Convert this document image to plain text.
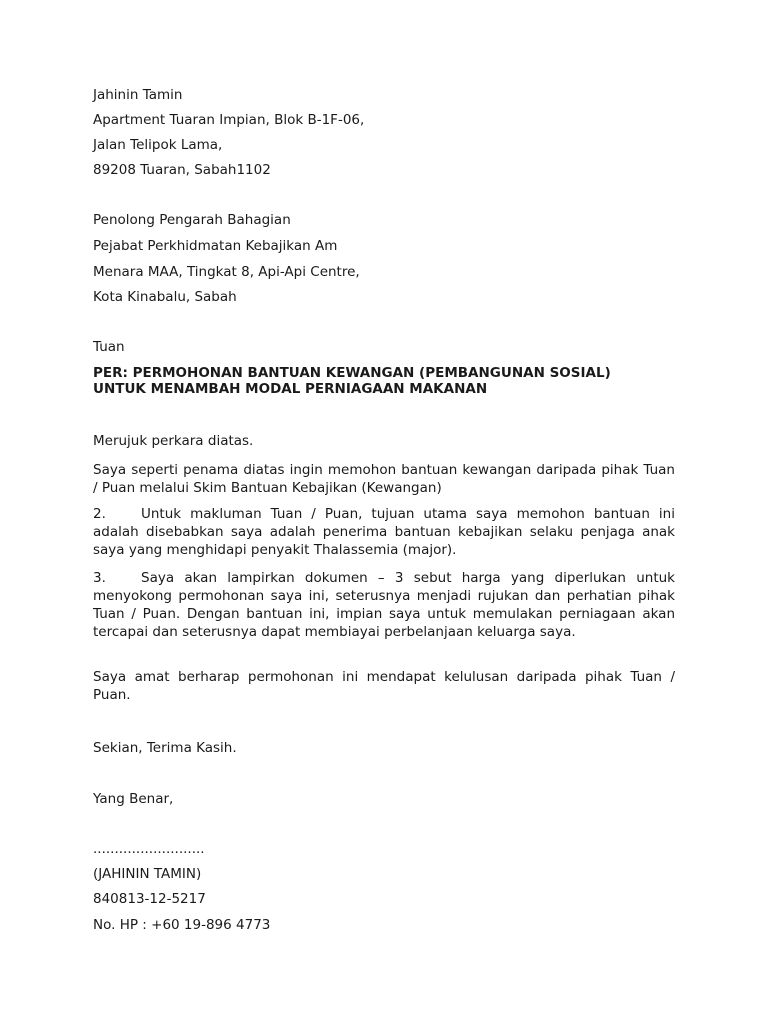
Jahinin Tamin
Apartment Tuaran Impian, Blok B-1F-06,
Jalan Telipok Lama,
89208 Tuaran, Sabah1102
Penolong Pengarah Bahagian
Pejabat Perkhidmatan Kebajikan Am
Menara MAA, Tingkat 8, Api-Api Centre,
Kota Kinabalu, Sabah
Tuan
PER: PERMOHONAN BANTUAN KEWANGAN (PEMBANGUNAN SOSIAL)
UNTUK MENAMBAH MODAL PERNIAGAAN MAKANAN
Merujuk perkara diatas.
Saya seperti penama diatas ingin memohon bantuan kewangan daripada pihak Tuan / Puan melalui Skim Bantuan Kebajikan (Kewangan)
2.	Untuk makluman Tuan / Puan, tujuan utama saya memohon bantuan ini adalah disebabkan saya adalah penerima bantuan kebajikan selaku penjaga anak saya yang menghidapi penyakit Thalassemia (major).
3.	Saya akan lampirkan dokumen – 3 sebut harga yang diperlukan untuk menyokong permohonan saya ini, seterusnya menjadi rujukan dan perhatian pihak Tuan / Puan. Dengan bantuan ini, impian saya untuk memulakan perniagaan akan tercapai dan seterusnya dapat membiayai perbelanjaan keluarga saya.
Saya amat berharap permohonan ini mendapat kelulusan daripada pihak Tuan / Puan.
Sekian, Terima Kasih.
Yang Benar,
..........................
(JAHININ TAMIN)
840813-12-5217
No. HP : +60 19-896 4773
